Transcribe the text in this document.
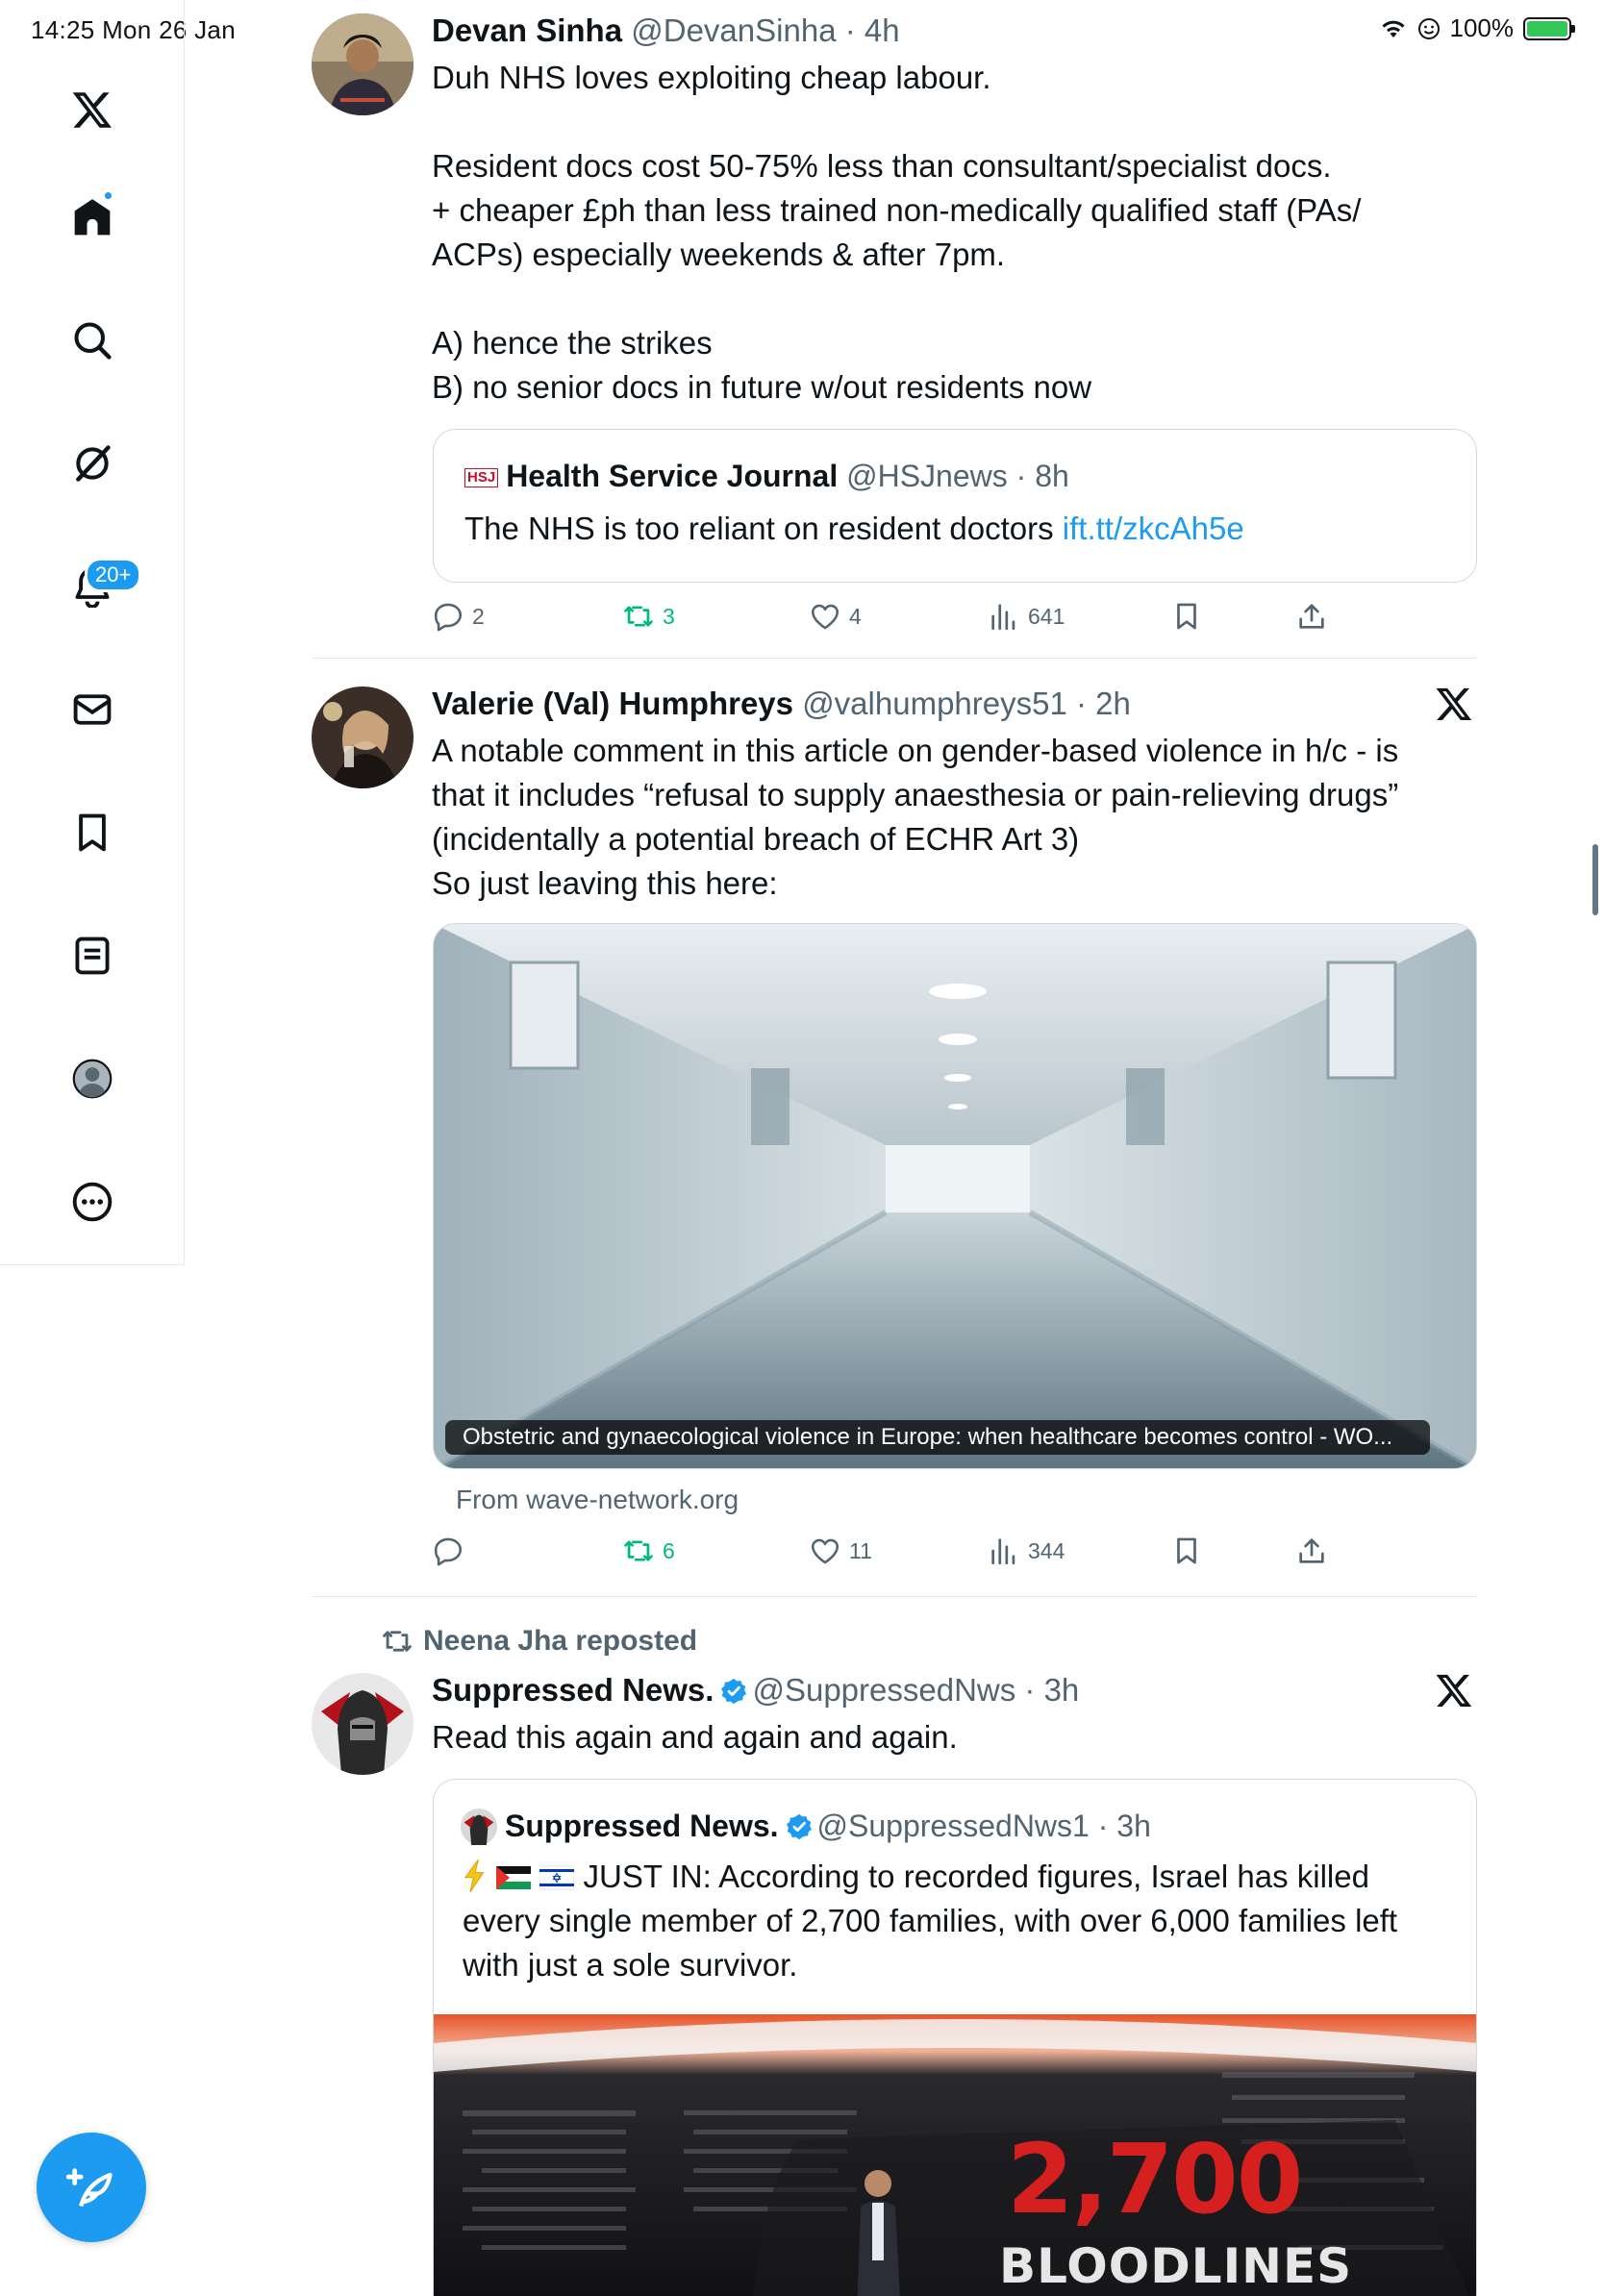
14:25 Mon 26 Jan	100%
20+
Devan Sinha @DevanSinha · 4h
Duh NHS loves exploiting cheap labour.

Resident docs cost 50-75% less than consultant/specialist docs.
+ cheaper £ph than less trained non-medically qualified staff (PAs/
ACPs) especially weekends & after 7pm.

A) hence the strikes
B) no senior docs in future w/out residents now
HSJ Health Service Journal @HSJnews · 8h
The NHS is too reliant on resident doctors ift.tt/zkcAh5e
2	3	4	641
Valerie (Val) Humphreys @valhumphreys51 · 2h
A notable comment in this article on gender-based violence in h/c - is
that it includes “refusal to supply anaesthesia or pain-relieving drugs”
(incidentally a potential breach of ECHR Art 3)
So just leaving this here:
Obstetric and gynaecological violence in Europe: when healthcare becomes control - WO...
From wave-network.org
6	11	344
Neena Jha reposted
Suppressed News. @SuppressedNws · 3h
Read this again and again and again.
Suppressed News. @SuppressedNws1 · 3h
JUST IN: According to recorded figures, Israel has killed
every single member of 2,700 families, with over 6,000 families left
with just a sole survivor.
2,700
BLOODLINES
